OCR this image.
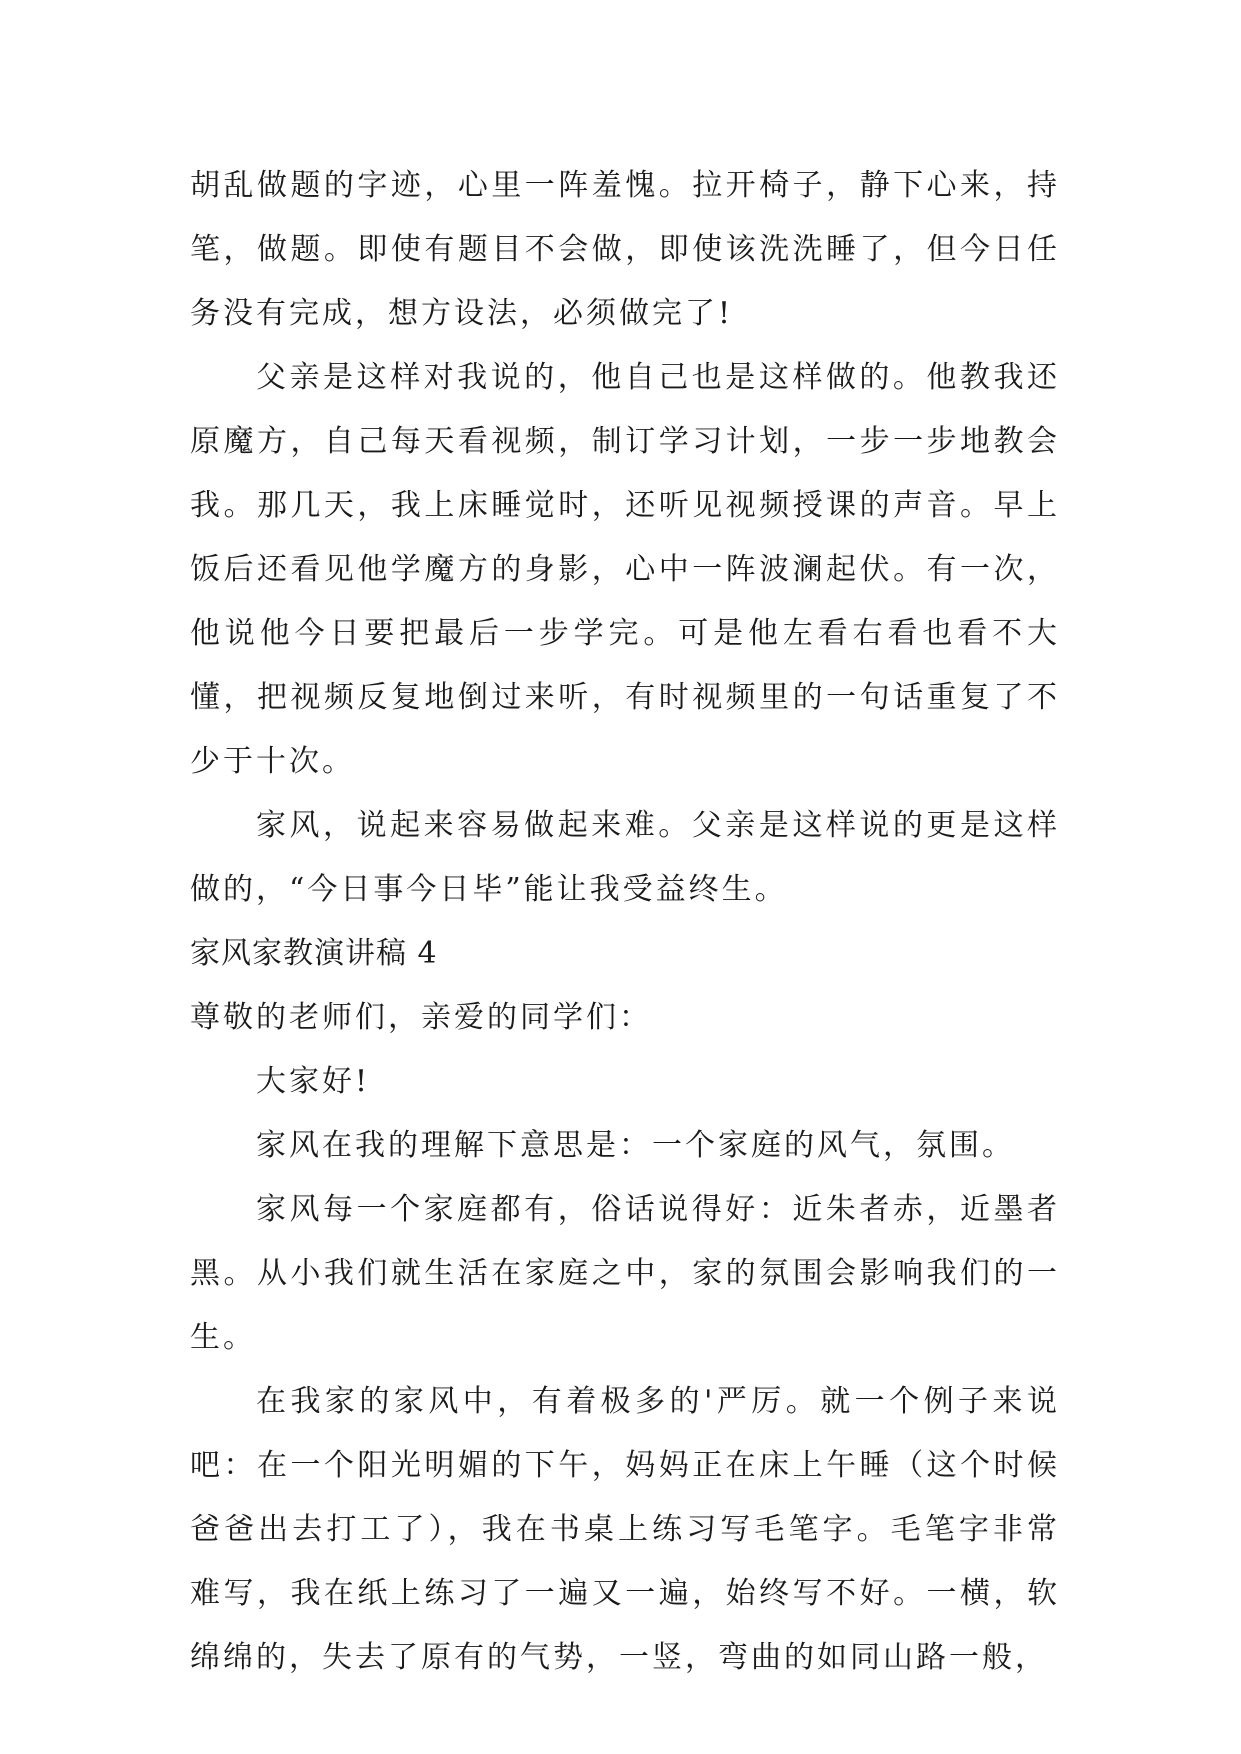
胡乱做题的字迹，心里一阵羞愧。拉开椅子，静下心来，持笔，做题。即使有题目不会做，即使该洗洗睡了，但今日任务没有完成，想方设法，必须做完了!

父亲是这样对我说的，他自己也是这样做的。他教我还原魔方，自己每天看视频，制订学习计划，一步一步地教会我。那几天，我上床睡觉时，还听见视频授课的声音。早上饭后还看见他学魔方的身影，心中一阵波澜起伏。有一次，他说他今日要把最后一步学完。可是他左看右看也看不大懂，把视频反复地倒过来听，有时视频里的一句话重复了不少于十次。

家风，说起来容易做起来难。父亲是这样说的更是这样做的，“今日事今日毕”能让我受益终生。

家风家教演讲稿 4

尊敬的老师们，亲爱的同学们：

大家好!

家风在我的理解下意思是：一个家庭的风气，氛围。

家风每一个家庭都有，俗话说得好：近朱者赤，近墨者黑。从小我们就生活在家庭之中，家的氛围会影响我们的一生。

在我家的家风中，有着极多的'严厉。就一个例子来说吧：在一个阳光明媚的下午，妈妈正在床上午睡（这个时候爸爸出去打工了），我在书桌上练习写毛笔字。毛笔字非常难写，我在纸上练习了一遍又一遍，始终写不好。一横，软绵绵的，失去了原有的气势，一竖，弯曲的如同山路一般，
